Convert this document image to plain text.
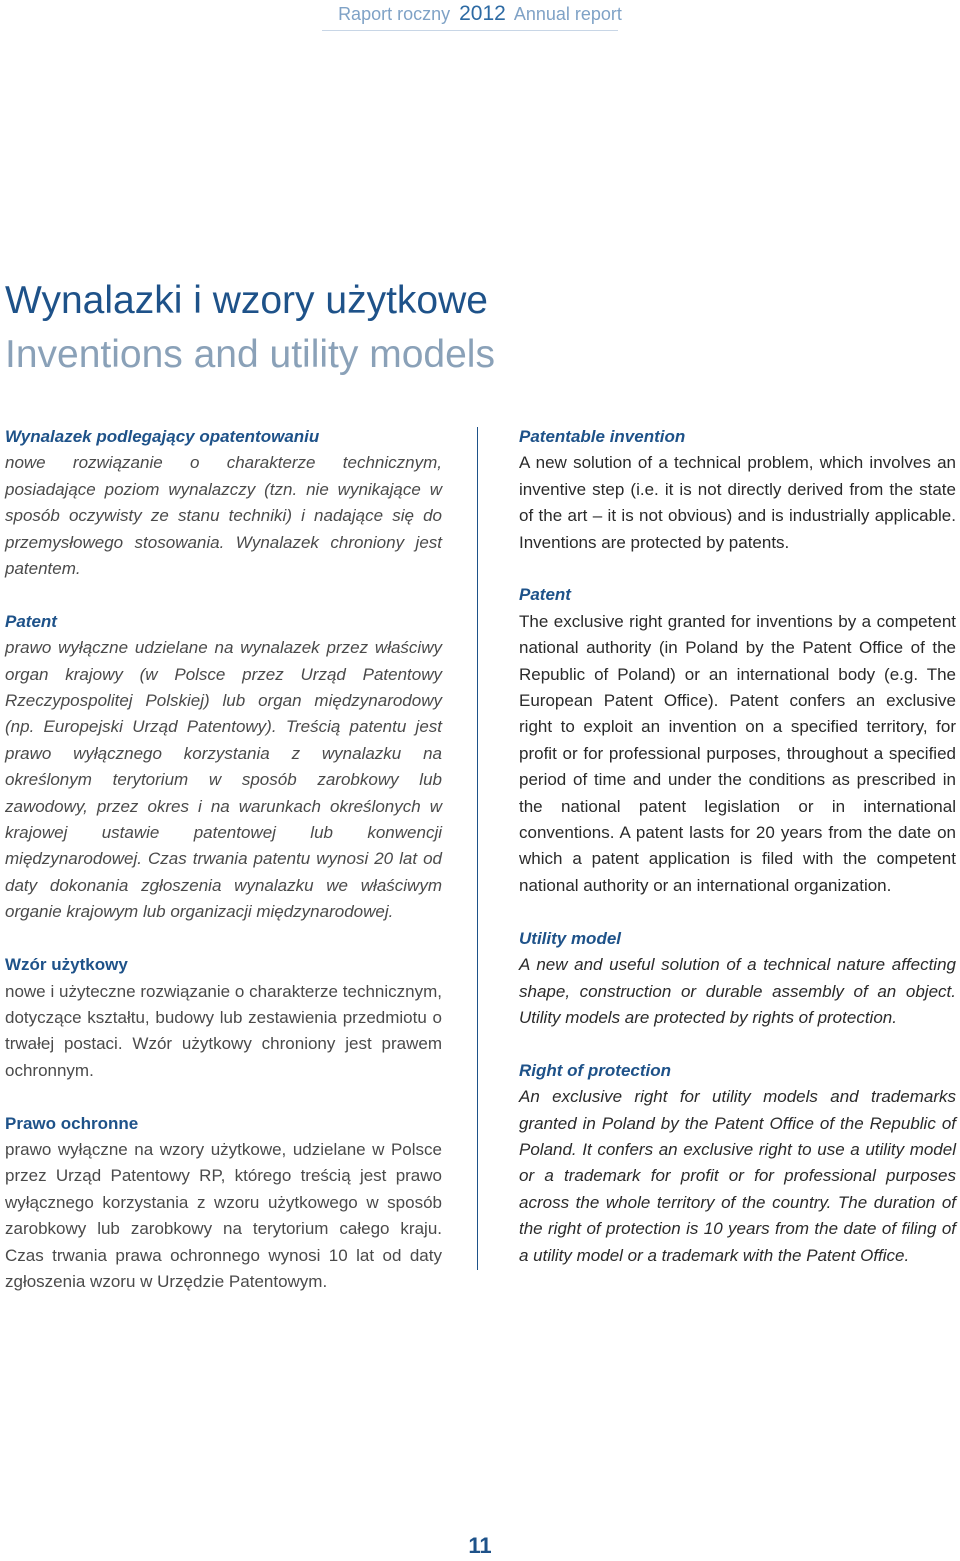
Raport roczny 2012 Annual report
Wynalazki i wzory użytkowe
Inventions and utility models
Wynalazek podlegający opatentowaniu
nowe rozwiązanie o charakterze technicznym, posiadające poziom wynalazczy (tzn. nie wynikające w sposób oczywisty ze stanu techniki) i nadające się do przemysłowego stosowania. Wynalazek chroniony jest patentem.
Patent
prawo wyłączne udzielane na wynalazek przez właściwy organ krajowy (w Polsce przez Urząd Patentowy Rzeczypospolitej Polskiej) lub organ międzynarodowy (np. Europejski Urząd Patentowy). Treścią patentu jest prawo wyłącznego korzystania z wynalazku na określonym terytorium w sposób zarobkowy lub zawodowy, przez okres i na warunkach określonych w krajowej ustawie patentowej lub konwencji międzynarodowej. Czas trwania patentu wynosi 20 lat od daty dokonania zgłoszenia wynalazku we właściwym organie krajowym lub organizacji międzynarodowej.
Wzór użytkowy
nowe i użyteczne rozwiązanie o charakterze technicznym, dotyczące kształtu, budowy lub zestawienia przedmiotu o trwałej postaci. Wzór użytkowy chroniony jest prawem ochronnym.
Prawo ochronne
prawo wyłączne na wzory użytkowe, udzielane w Polsce przez Urząd Patentowy RP, którego treścią jest prawo wyłącznego korzystania z wzoru użytkowego w sposób zarobkowy lub zarobkowy na terytorium całego kraju. Czas trwania prawa ochronnego wynosi 10 lat od daty zgłoszenia wzoru w Urzędzie Patentowym.
Patentable invention
A new solution of a technical problem, which involves an inventive step (i.e. it is not directly derived from the state of the art – it is not obvious) and is industrially applicable. Inventions are protected by patents.
Patent
The exclusive right granted for inventions by a competent national authority (in Poland by the Patent Office of the Republic of Poland) or an international body (e.g. The European Patent Office). Patent confers an exclusive right to exploit an invention on a specified territory, for profit or for professional purposes, throughout a specified period of time and under the conditions as prescribed in the national patent legislation or in international conventions. A patent lasts for 20 years from the date on which a patent application is filed with the competent national authority or an international organization.
Utility model
A new and useful solution of a technical nature affecting shape, construction or durable assembly of an object. Utility models are protected by rights of protection.
Right of protection
An exclusive right for utility models and trademarks granted in Poland by the Patent Office of the Republic of Poland. It confers an exclusive right to use a utility model or a trademark for profit or for professional purposes across the whole territory of the country. The duration of the right of protection is 10 years from the date of filing of a utility model or a trademark with the Patent Office.
11
